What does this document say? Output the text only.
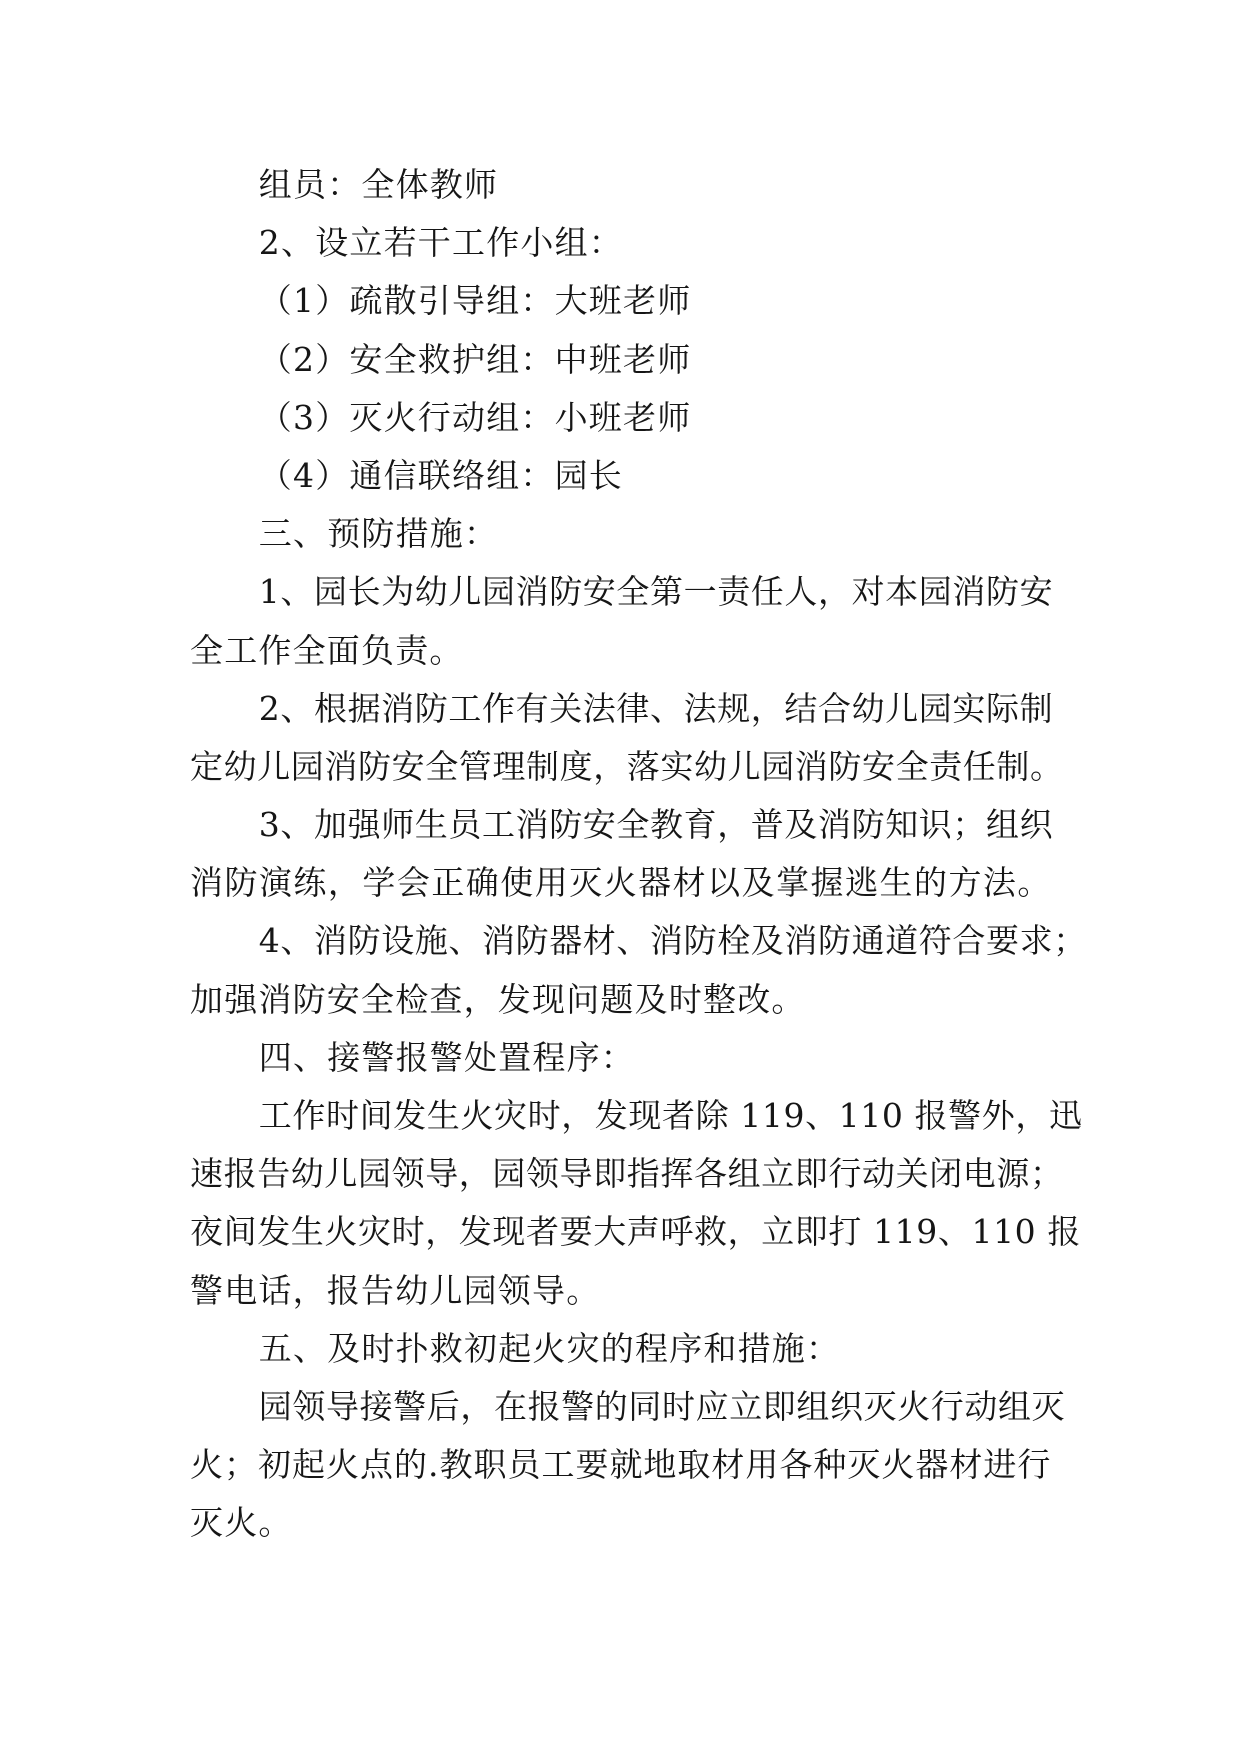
组员：全体教师
2、设立若干工作小组：
（1）疏散引导组：大班老师
（2）安全救护组：中班老师
（3）灭火行动组：小班老师
（4）通信联络组：园长
三、预防措施：
1、园长为幼儿园消防安全第一责任人，对本园消防安
全工作全面负责。
2、根据消防工作有关法律、法规，结合幼儿园实际制
定幼儿园消防安全管理制度，落实幼儿园消防安全责任制。
3、加强师生员工消防安全教育，普及消防知识；组织
消防演练，学会正确使用灭火器材以及掌握逃生的方法。
4、消防设施、消防器材、消防栓及消防通道符合要求；
加强消防安全检查，发现问题及时整改。
四、接警报警处置程序：
工作时间发生火灾时，发现者除 119、110 报警外，迅
速报告幼儿园领导，园领导即指挥各组立即行动关闭电源；
夜间发生火灾时，发现者要大声呼救，立即打 119、110 报
警电话，报告幼儿园领导。
五、及时扑救初起火灾的程序和措施：
园领导接警后，在报警的同时应立即组织灭火行动组灭
火；初起火点的.教职员工要就地取材用各种灭火器材进行
灭火。
